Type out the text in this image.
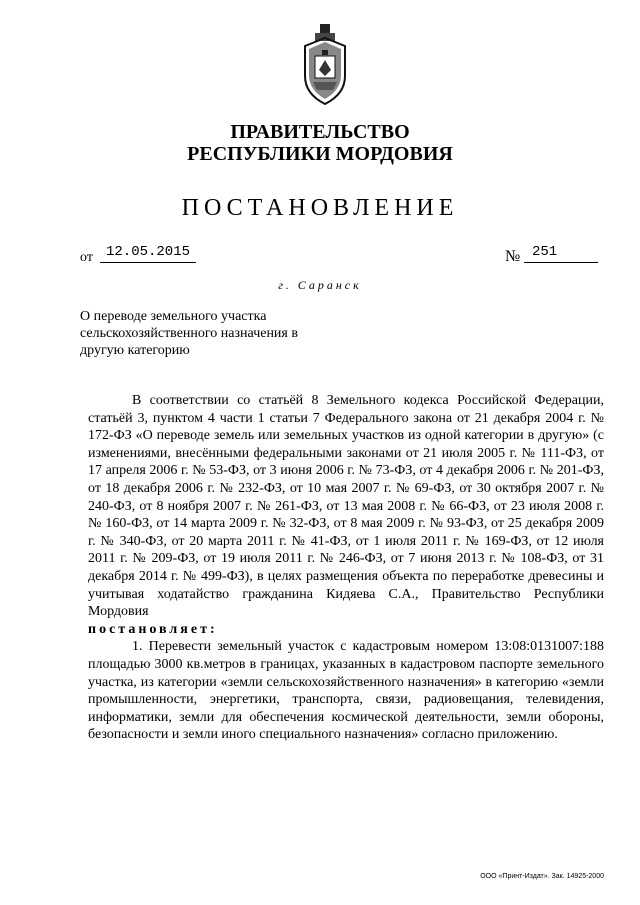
ПРАВИТЕЛЬСТВО
РЕСПУБЛИКИ МОРДОВИЯ
ПОСТАНОВЛЕНИЕ
от 12.05.2015	№ 251
г. Саранск
О переводе земельного участка
сельскохозяйственного назначения в
другую категорию

В соответствии со статьёй 8 Земельного кодекса Российской Федерации, статьёй 3, пунктом 4 части 1 статьи 7 Федерального закона от 21 декабря 2004 г. № 172-ФЗ «О переводе земель или земельных участков из одной категории в другую» (с изменениями, внесёнными федеральными законами от 21 июля 2005 г. № 111-ФЗ, от 17 апреля 2006 г. № 53-ФЗ, от 3 июня 2006 г. № 73-ФЗ, от 4 декабря 2006 г. № 201-ФЗ, от 18 декабря 2006 г. № 232-ФЗ, от 10 мая 2007 г. № 69-ФЗ, от 30 октября 2007 г. № 240-ФЗ, от 8 ноября 2007 г. № 261-ФЗ, от 13 мая 2008 г. № 66-ФЗ, от 23 июля 2008 г. № 160-ФЗ, от 14 марта 2009 г. № 32-ФЗ, от 8 мая 2009 г. № 93-ФЗ, от 25 декабря 2009 г. № 340-ФЗ, от 20 марта 2011 г. № 41-ФЗ, от 1 июля 2011 г. № 169-ФЗ, от 12 июля 2011 г. № 209-ФЗ, от 19 июля 2011 г. № 246-ФЗ, от 7 июня 2013 г. № 108-ФЗ, от 31 декабря 2014 г. № 499-ФЗ), в целях размещения объекта по переработке древесины и учитывая ходатайство гражданина Кидяева С.А., Правительство Республики Мордовия

постановляет:

1. Перевести земельный участок с кадастровым номером 13:08:0131007:188 площадью 3000 кв.метров в границах, указанных в кадастровом паспорте земельного участка, из категории «земли сельскохозяйственного назначения» в категорию «земли промышленности, энергетики, транспорта, связи, радиовещания, телевидения, информатики, земли для обеспечения космической деятельности, земли обороны, безопасности и земли иного специального назначения» согласно приложению.

ООО «Принт-Издат». Зак. 14925-2000
